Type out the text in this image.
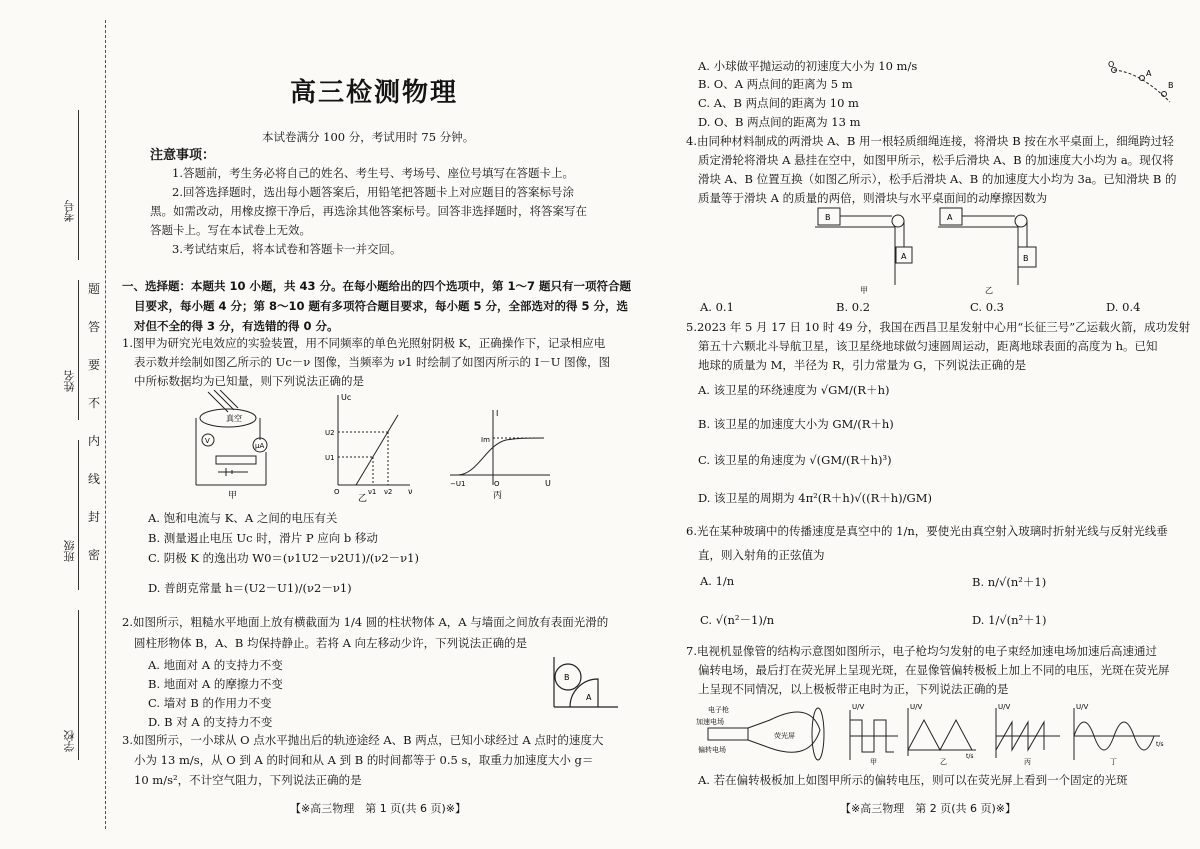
考号
姓名
班级
学校
题
答
要
不
内
线
封
密
高三检测物理
本试卷满分 100 分，考试用时 75 分钟。
注意事项：
1.答题前，考生务必将自己的姓名、考生号、考场号、座位号填写在答题卡上。
2.回答选择题时，选出每小题答案后，用铅笔把答题卡上对应题目的答案标号涂
黑。如需改动，用橡皮擦干净后，再选涂其他答案标号。回答非选择题时，将答案写在
答题卡上。写在本试卷上无效。
3.考试结束后，将本试卷和答题卡一并交回。
一、选择题：本题共 10 小题，共 43 分。在每小题给出的四个选项中，第 1～7 题只有一项符合题
目要求，每小题 4 分；第 8～10 题有多项符合题目要求，每小题 5 分，全部选对的得 5 分，选
对但不全的得 3 分，有选错的得 0 分。
1.图甲为研究光电效应的实验装置，用不同频率的单色光照射阴极 K，正确操作下，记录相应电
表示数并绘制如图乙所示的 Uc－ν 图像，当频率为 ν1 时绘制了如图丙所示的 I－U 图像，图
中所标数据均为已知量，则下列说法正确的是
真空
V
μA
甲
Uc
U2
U1
ν1 ν2 ν
O
乙
I
Im
−U1	U
O
丙
A. 饱和电流与 K、A 之间的电压有关
B. 测量遏止电压 Uc 时，滑片 P 应向 b 移动
C. 阴极 K 的逸出功 W0＝(ν1U2－ν2U1)/(ν2－ν1)
D. 普朗克常量 h＝(U2－U1)/(ν2－ν1)
2.如图所示，粗糙水平地面上放有横截面为 1/4 圆的柱状物体 A，A 与墙面之间放有表面光滑的
圆柱形物体 B，A、B 均保持静止。若将 A 向左移动少许，下列说法正确的是
A. 地面对 A 的支持力不变
B. 地面对 A 的摩擦力不变
C. 墙对 B 的作用力不变
D. B 对 A 的支持力不变
B
A
3.如图所示，一小球从 O 点水平抛出后的轨迹途经 A、B 两点，已知小球经过 A 点时的速度大
小为 13 m/s，从 O 到 A 的时间和从 A 到 B 的时间都等于 0.5 s，取重力加速度大小 g＝
10 m/s²，不计空气阻力，下列说法正确的是
【※高三物理　第 1 页(共 6 页)※】
A. 小球做平抛运动的初速度大小为 10 m/s
B. O、A 两点间的距离为 5 m
C. A、B 两点间的距离为 10 m
D. O、B 两点间的距离为 13 m
O
A
B
4.由同种材料制成的两滑块 A、B 用一根轻质细绳连接，将滑块 B 按在水平桌面上，细绳跨过轻
质定滑轮将滑块 A 悬挂在空中，如图甲所示，松手后滑块 A、B 的加速度大小均为 a。现仅将
滑块 A、B 位置互换（如图乙所示），松手后滑块 A、B 的加速度大小均为 3a。已知滑块 B 的
质量等于滑块 A 的质量的两倍，则滑块与水平桌面间的动摩擦因数为
B
A
A
B
甲	乙
A. 0.1	B. 0.2	C. 0.3	D. 0.4
5.2023 年 5 月 17 日 10 时 49 分，我国在西昌卫星发射中心用“长征三号”乙运载火箭，成功发射
第五十六颗北斗导航卫星，该卫星绕地球做匀速圆周运动，距离地球表面的高度为 h。已知
地球的质量为 M，半径为 R，引力常量为 G，下列说法正确的是
A. 该卫星的环绕速度为 √GM/(R＋h)
B. 该卫星的加速度大小为 GM/(R＋h)
C. 该卫星的角速度为 √(GM/(R＋h)³)
D. 该卫星的周期为 4π²(R＋h)√((R＋h)/GM)
6.光在某种玻璃中的传播速度是真空中的 1/n，要使光由真空射入玻璃时折射光线与反射光线垂
直，则入射角的正弦值为
A. 1/n	B. n/√(n²＋1)
C. √(n²－1)/n	D. 1/√(n²＋1)
7.电视机显像管的结构示意图如图所示，电子枪均匀发射的电子束经加速电场加速后高速通过
偏转电场，最后打在荧光屏上呈现光斑，在显像管偏转极板上加上不同的电压，光斑在荧光屏
上呈现不同情况，以上极板带正电时为正，下列说法正确的是
电子枪
加速电场
偏转电场
荧光屏
U/V
甲
U/V
t/s
乙
U/V
丙
U/V
t/s
丁
A. 若在偏转极板加上如图甲所示的偏转电压，则可以在荧光屏上看到一个固定的光斑
【※高三物理　第 2 页(共 6 页)※】
